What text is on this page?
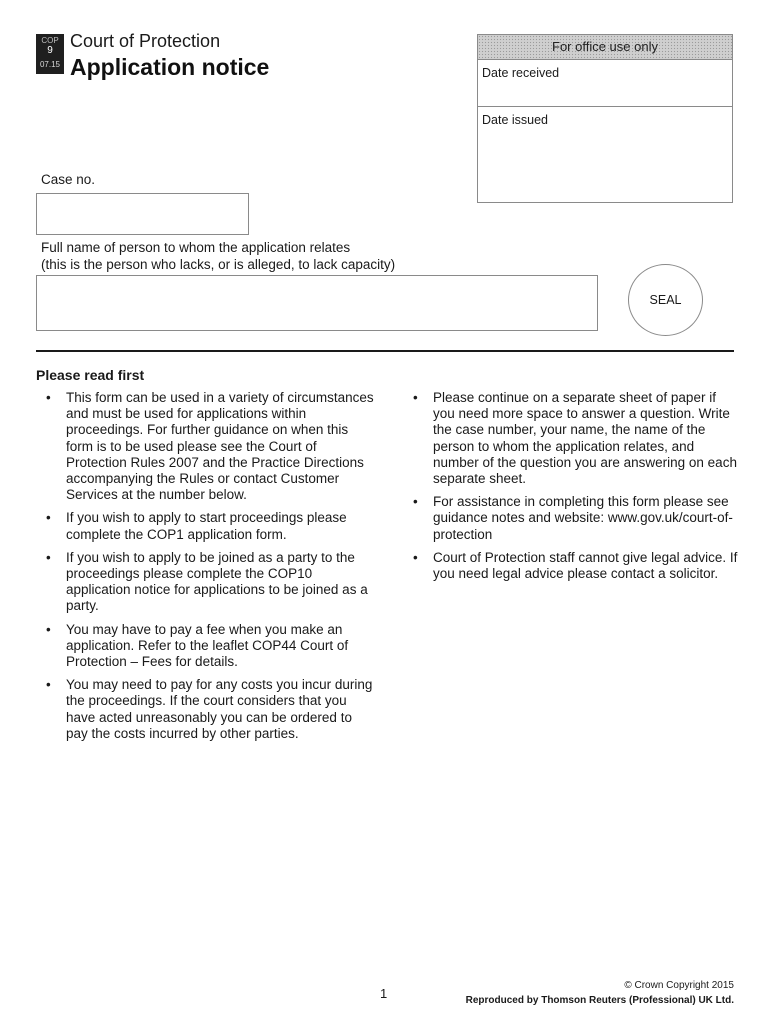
COP
9
07.15
Court of Protection
Application notice
For office use only
Date received
Date issued
Case no.
Full name of person to whom the application relates
(this is the person who lacks, or is alleged, to lack capacity)
SEAL
Please read first
• This form can be used in a variety of circumstances and must be used for applications within proceedings. For further guidance on when this form is to be used please see the Court of Protection Rules 2007 and the Practice Directions accompanying the Rules or contact Customer Services at the number below.
• If you wish to apply to start proceedings please complete the COP1 application form.
• If you wish to apply to be joined as a party to the proceedings please complete the COP10 application notice for applications to be joined as a party.
• You may have to pay a fee when you make an application. Refer to the leaflet COP44 Court of Protection – Fees for details.
• You may need to pay for any costs you incur during the proceedings. If the court considers that you have acted unreasonably you can be ordered to pay the costs incurred by other parties.
• Please continue on a separate sheet of paper if you need more space to answer a question. Write the case number, your name, the name of the person to whom the application relates, and number of the question you are answering on each separate sheet.
• For assistance in completing this form please see guidance notes and website: www.gov.uk/court-of-protection
• Court of Protection staff cannot give legal advice. If you need legal advice please contact a solicitor.
1
© Crown Copyright 2015
Reproduced by Thomson Reuters (Professional) UK Ltd.
